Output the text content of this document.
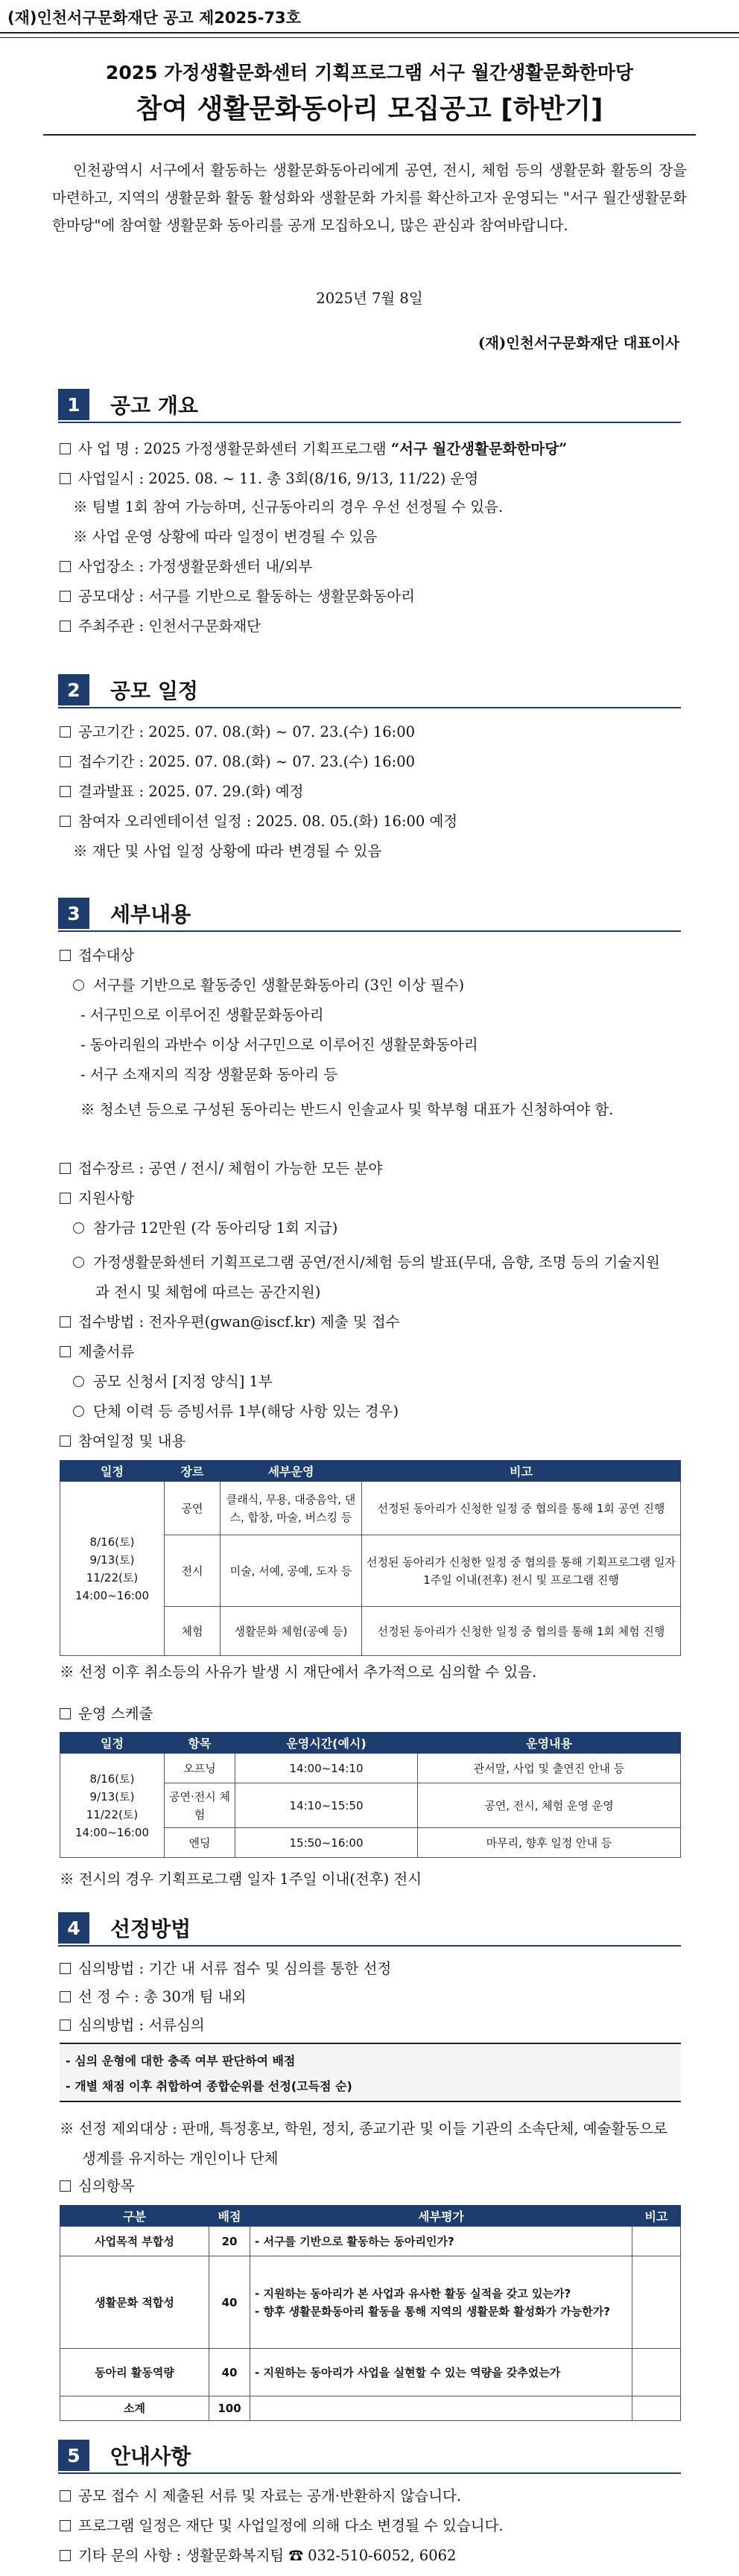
(재)인천서구문화재단 공고 제2025-73호
2025 가정생활문화센터 기획프로그램 서구 월간생활문화한마당
참여 생활문화동아리 모집공고 [하반기]
인천광역시 서구에서 활동하는 생활문화동아리에게 공연, 전시, 체험 등의 생활문화 활동의 장을 마련하고, 지역의 생활문화 활동 활성화와 생활문화 가치를 확산하고자 운영되는 "서구 월간생활문화한마당"에 참여할 생활문화 동아리를 공개 모집하오니, 많은 관심과 참여바랍니다.
2025년 7월 8일
(재)인천서구문화재단 대표이사
1	공고 개요
사 업 명 : 2025 가정생활문화센터 기획프로그램 “서구 월간생활문화한마당”
사업일시 : 2025. 08. ~ 11. 총 3회(8/16, 9/13, 11/22) 운영
※ 팀별 1회 참여 가능하며, 신규동아리의 경우 우선 선정될 수 있음.
※ 사업 운영 상황에 따라 일정이 변경될 수 있음
사업장소 : 가정생활문화센터 내/외부
공모대상 : 서구를 기반으로 활동하는 생활문화동아리
주최주관 : 인천서구문화재단
2	공모 일정
공고기간 : 2025. 07. 08.(화) ~ 07. 23.(수) 16:00
접수기간 : 2025. 07. 08.(화) ~ 07. 23.(수) 16:00
결과발표 : 2025. 07. 29.(화) 예정
참여자 오리엔테이션 일정 : 2025. 08. 05.(화) 16:00 예정
※ 재단 및 사업 일정 상황에 따라 변경될 수 있음
3	세부내용
접수대상
서구를 기반으로 활동중인 생활문화동아리 (3인 이상 필수)
- 서구민으로 이루어진 생활문화동아리
- 동아리원의 과반수 이상 서구민으로 이루어진 생활문화동아리
- 서구 소재지의 직장 생활문화 동아리 등
※ 청소년 등으로 구성된 동아리는 반드시 인솔교사 및 학부형 대표가 신청하여야 함.
접수장르 : 공연 / 전시/ 체험이 가능한 모든 분야
지원사항
참가금 12만원 (각 동아리당 1회 지급)
가정생활문화센터 기획프로그램 공연/전시/체험 등의 발표(무대, 음향, 조명 등의 기술지원과 전시 및 체험에 따르는 공간지원)
접수방법 : 전자우편(gwan@iscf.kr) 제출 및 접수
제출서류
공모 신청서 [지정 양식] 1부
단체 이력 등 증빙서류 1부(해당 사항 있는 경우)
참여일정 및 내용
일정	장르	세부운영	비고
8/16(토)
9/13(토)
11/22(토)
14:00~16:00	공연	클래식, 무용, 대중음악, 댄스, 합창, 마술, 버스킹 등	선정된 동아리가 신청한 일정 중 협의를 통해 1회 공연 진행
	전시	미술, 서예, 공예, 도자 등	선정된 동아리가 신청한 일정 중 협의를 통해 기획프로그램 일자 1주일 이내(전후) 전시 및 프로그램 진행
	체험	생활문화 체험(공예 등)	선정된 동아리가 신청한 일정 중 협의를 통해 1회 체험 진행
※ 선정 이후 취소등의 사유가 발생 시 재단에서 추가적으로 심의할 수 있음.
운영 스케줄
일정	항목	운영시간(예시)	운영내용
8/16(토)
9/13(토)
11/22(토)
14:00~16:00	오프닝	14:00~14:10	관서말, 사업 및 출연진 안내 등
	공연·전시 체험	14:10~15:50	공연, 전시, 체험 운영 운영
	엔딩	15:50~16:00	마무리, 향후 일정 안내 등
※ 전시의 경우 기획프로그램 일자 1주일 이내(전후) 전시
4	선정방법
심의방법 : 기간 내 서류 접수 및 심의를 통한 선정
선 정 수 : 총 30개 팀 내외
심의방법 : 서류심의
- 심의 운형에 대한 충족 여부 판단하여 배점
- 개별 채점 이후 취합하여 종합순위를 선정(고득점 순)
※ 선정 제외대상 : 판매, 특정홍보, 학원, 정치, 종교기관 및 이들 기관의 소속단체, 예술활동으로 생계를 유지하는 개인이나 단체
심의항목
구분	배점	세부평가	비고
사업목적 부합성	20	- 서구를 기반으로 활동하는 동아리인가?	
생활문화 적합성	40	- 지원하는 동아리가 본 사업과 유사한 활동 실적을 갖고 있는가?
- 향후 생활문화동아리 활동을 통해 지역의 생활문화 활성화가 가능한가?	
동아리 활동역량	40	- 지원하는 동아리가 사업을 실현할 수 있는 역량을 갖추었는가	
소계	100		
5	안내사항
공모 접수 시 제출된 서류 및 자료는 공개·반환하지 않습니다.
프로그램 일정은 재단 및 사업일정에 의해 다소 변경될 수 있습니다.
기타 문의 사항 : 생활문화복지팀 ☎ 032-510-6052, 6062
